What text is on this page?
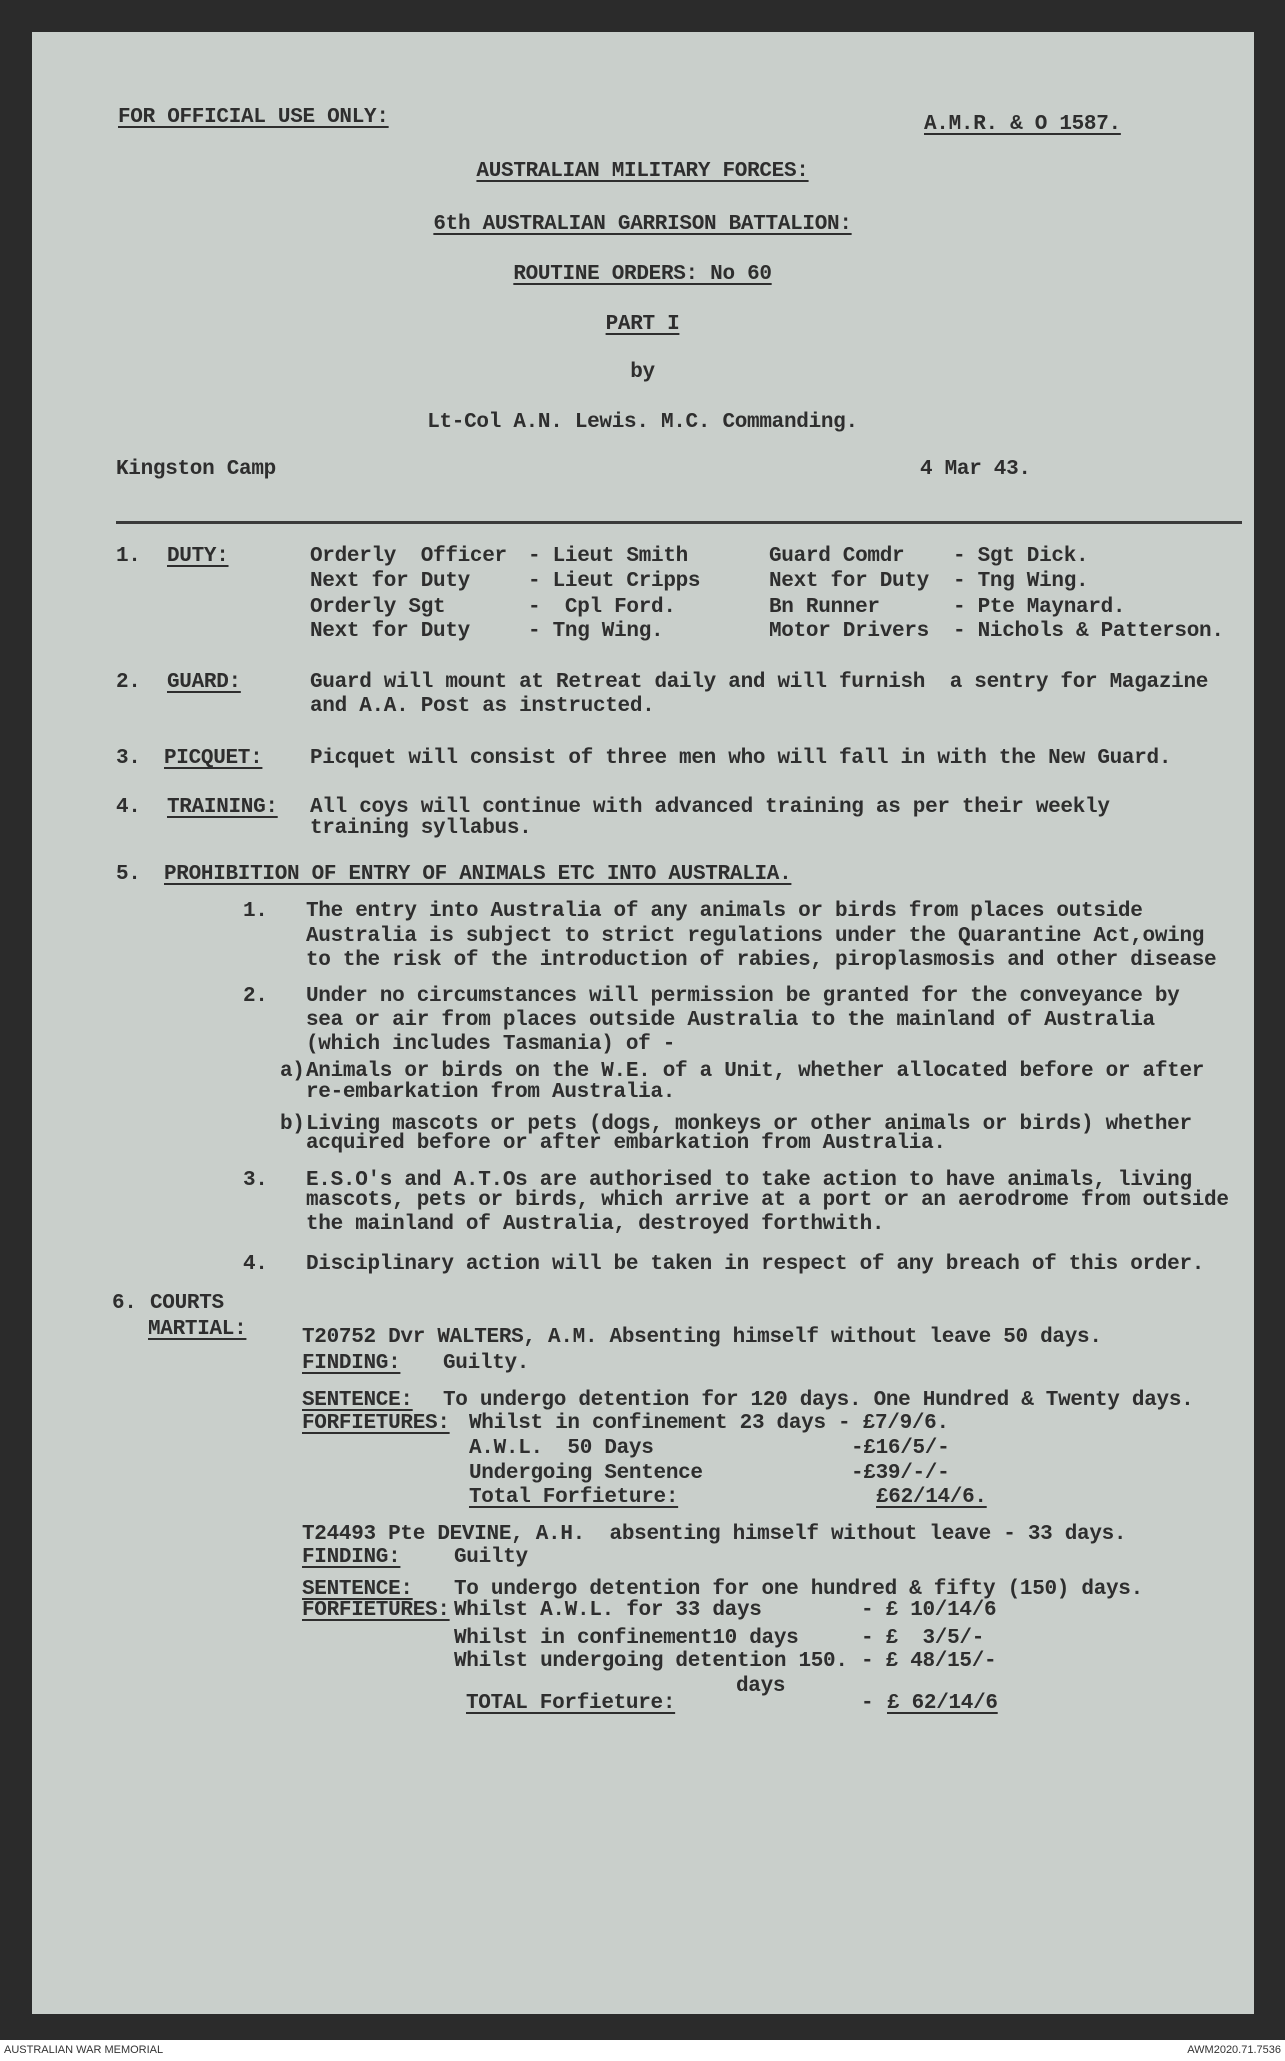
FOR OFFICIAL USE ONLY:	A.M.R. & O 1587.
AUSTRALIAN MILITARY FORCES:
6th AUSTRALIAN GARRISON BATTALION:
ROUTINE ORDERS: No 60
PART I
by
Lt-Col A.N. Lewis. M.C. Commanding.
Kingston Camp	4 Mar 43.
1. DUTY:	Orderly  Officer - Lieut Smith	Guard Comdr - Sgt Dick.
Next for Duty	- Lieut Cripps	Next for Duty - Tng Wing.
Orderly Sgt	-  Cpl Ford.	Bn Runner	- Pte Maynard.
Next for Duty	- Tng Wing.	Motor Drivers - Nichols & Patterson.
2. GUARD:	Guard will mount at Retreat daily and will furnish  a sentry for Magazine
and A.A. Post as instructed.
3. PICQUET: Picquet will consist of three men who will fall in with the New Guard.
4. TRAINING: All coys will continue with advanced training as per their weekly
training syllabus.
5. PROHIBITION OF ENTRY OF ANIMALS ETC INTO AUSTRALIA.
1. The entry into Australia of any animals or birds from places outside
Australia is subject to strict regulations under the Quarantine Act,owing
to the risk of the introduction of rabies, piroplasmosis and other disease
2. Under no circumstances will permission be granted for the conveyance by
sea or air from places outside Australia to the mainland of Australia
(which includes Tasmania) of -
a) Animals or birds on the W.E. of a Unit, whether allocated before or after
re-embarkation from Australia.
b) Living mascots or pets (dogs, monkeys or other animals or birds) whether
acquired before or after embarkation from Australia.
3. E.S.O's and A.T.Os are authorised to take action to have animals, living
mascots, pets or birds, which arrive at a port or an aerodrome from outside
the mainland of Australia, destroyed forthwith.
4. Disciplinary action will be taken in respect of any breach of this order.
6. COURTS
MARTIAL:	T20752 Dvr WALTERS, A.M. Absenting himself without leave 50 days.
FINDING: Guilty.
SENTENCE: To undergo detention for 120 days. One Hundred & Twenty days.
FORFIETURES: Whilst in confinement 23 days - £7/9/6.
A.W.L.  50 Days	-£16/5/-
Undergoing Sentence	-£39/-/-
Total Forfieture:	£62/14/6.
T24493 Pte DEVINE, A.H.  absenting himself without leave - 33 days.
FINDING:	Guilty
SENTENCE: To undergo detention for one hundred & fifty (150) days.
FORFIETURES: Whilst A.W.L. for 33 days	- £ 10/14/6
Whilst in confinement10 days	- £  3/5/-
Whilst undergoing detention 150. - £ 48/15/-
days
TOTAL Forfieture:	- £ 62/14/6
AUSTRALIAN WAR MEMORIAL	AWM2020.71.7536
